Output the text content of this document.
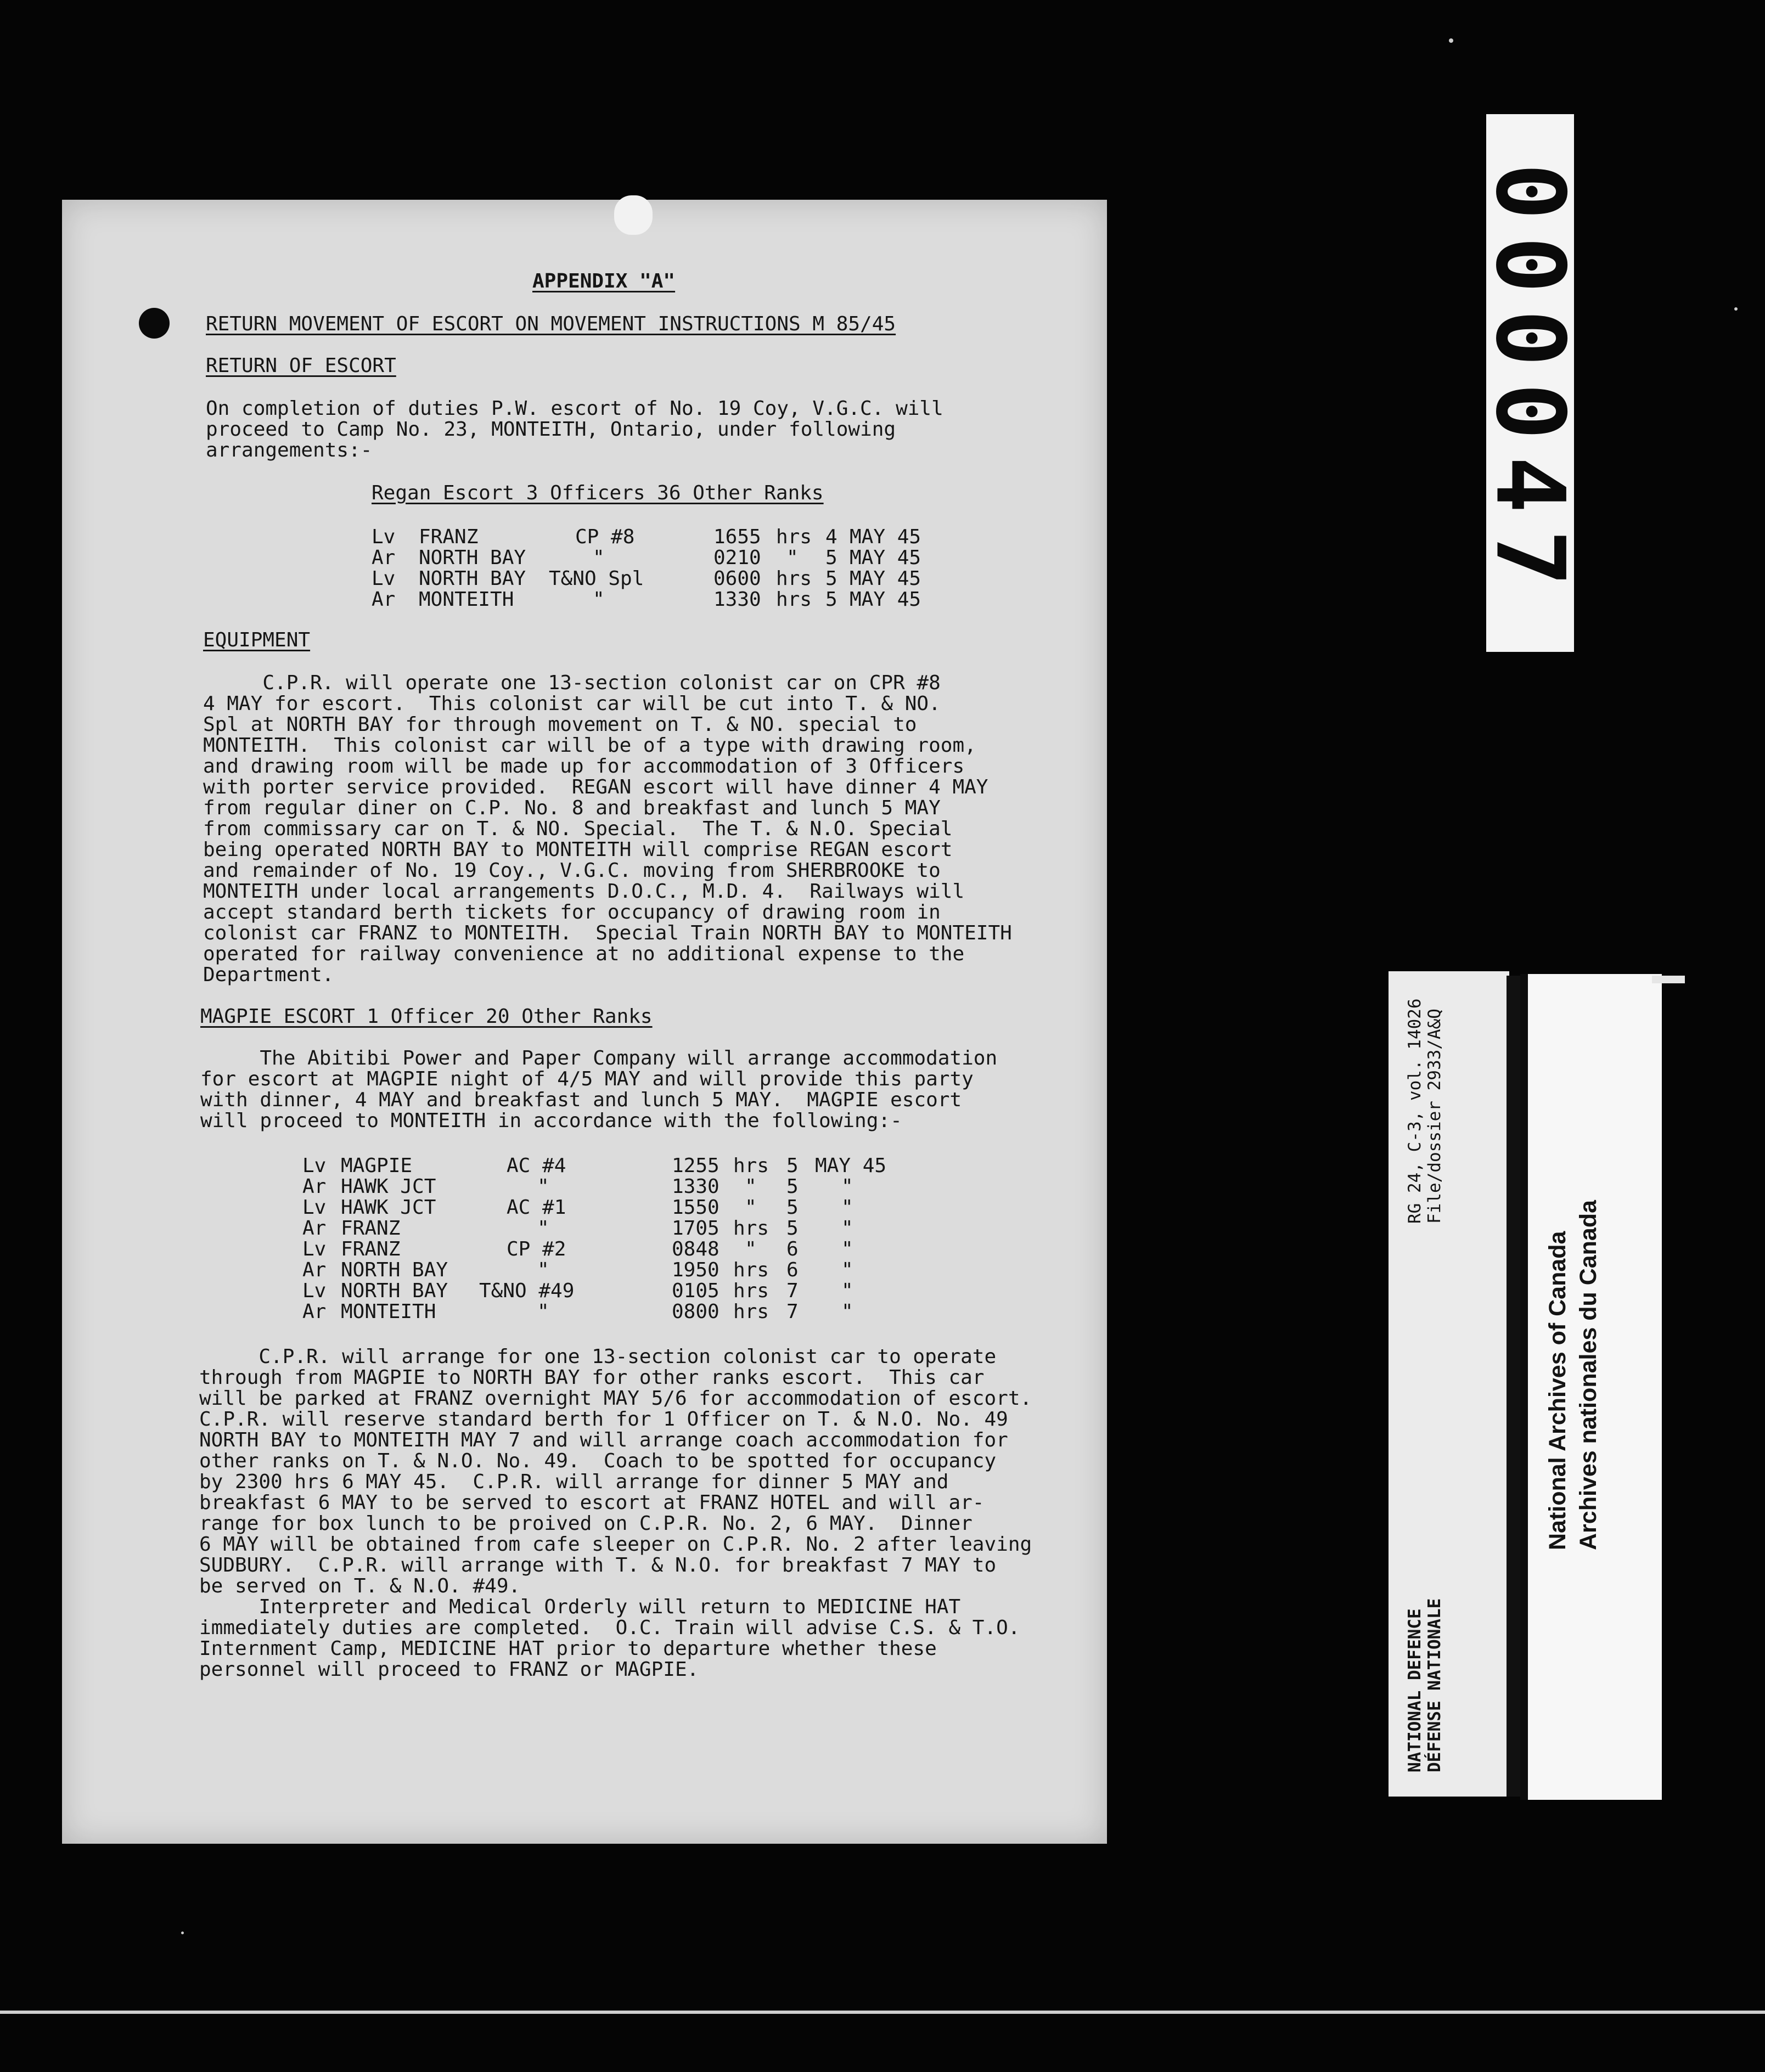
APPENDIX "A"

RETURN MOVEMENT OF ESCORT ON MOVEMENT INSTRUCTIONS M 85/45

RETURN OF ESCORT

On completion of duties P.W. escort of No. 19 Coy, V.G.C. will

proceed to Camp No. 23, MONTEITH, Ontario, under following

arrangements:-

Regan Escort 3 Officers 36 Other Ranks

Lv FRANZ	CP #8	1655 hrs 4 MAY 45
Ar NORTH BAY	"	0210 " 5 MAY 45
Lv NORTH BAY T&NO Spl	0600 hrs 5 MAY 45
Ar MONTEITH	"	1330 hrs 5 MAY 45

EQUIPMENT

C.P.R. will operate one 13-section colonist car on CPR #8

4 MAY for escort.  This colonist car will be cut into T. & NO.

Spl at NORTH BAY for through movement on T. & NO. special to

MONTEITH.  This colonist car will be of a type with drawing room,

and drawing room will be made up for accommodation of 3 Officers

with porter service provided.  REGAN escort will have dinner 4 MAY

from regular diner on C.P. No. 8 and breakfast and lunch 5 MAY

from commissary car on T. & NO. Special.  The T. & N.O. Special

being operated NORTH BAY to MONTEITH will comprise REGAN escort

and remainder of No. 19 Coy., V.G.C. moving from SHERBROOKE to

MONTEITH under local arrangements D.O.C., M.D. 4.  Railways will

accept standard berth tickets for occupancy of drawing room in

colonist car FRANZ to MONTEITH.  Special Train NORTH BAY to MONTEITH

operated for railway convenience at no additional expense to the

Department.

MAGPIE ESCORT 1 Officer 20 Other Ranks

The Abitibi Power and Paper Company will arrange accommodation

for escort at MAGPIE night of 4/5 MAY and will provide this party

with dinner, 4 MAY and breakfast and lunch 5 MAY.  MAGPIE escort

will proceed to MONTEITH in accordance with the following:-

Lv MAGPIE	AC #4	1255 hrs 5 MAY 45
Ar HAWK JCT	"	1330 " 5 "
Lv HAWK JCT	AC #1	1550 " 5 "
Ar FRANZ	"	1705 hrs 5 "
Lv FRANZ	CP #2	0848 " 6 "
Ar NORTH BAY	"	1950 hrs 6 "
Lv NORTH BAY T&NO #49	0105 hrs 7 "
Ar MONTEITH	"	0800 hrs 7 "

C.P.R. will arrange for one 13-section colonist car to operate

through from MAGPIE to NORTH BAY for other ranks escort.  This car

will be parked at FRANZ overnight MAY 5/6 for accommodation of escort.

C.P.R. will reserve standard berth for 1 Officer on T. & N.O. No. 49

NORTH BAY to MONTEITH MAY 7 and will arrange coach accommodation for

other ranks on T. & N.O. No. 49.  Coach to be spotted for occupancy

by 2300 hrs 6 MAY 45.  C.P.R. will arrange for dinner 5 MAY and

breakfast 6 MAY to be served to escort at FRANZ HOTEL and will ar-

range for box lunch to be proived on C.P.R. No. 2, 6 MAY.  Dinner

6 MAY will be obtained from cafe sleeper on C.P.R. No. 2 after leaving

SUDBURY.  C.P.R. will arrange with T. & N.O. for breakfast 7 MAY to

be served on T. & N.O. #49.

Interpreter and Medical Orderly will return to MEDICINE HAT

immediately duties are completed.  O.C. Train will advise C.S. & T.O.

Internment Camp, MEDICINE HAT prior to departure whether these

personnel will proceed to FRANZ or MAGPIE.

000047
RG 24, C-3, vol. 14026 File/dossier 2933/A&Q
NATIONAL DEFENCE DÉFENSE NATIONALE
National Archives of Canada Archives nationales du Canada
